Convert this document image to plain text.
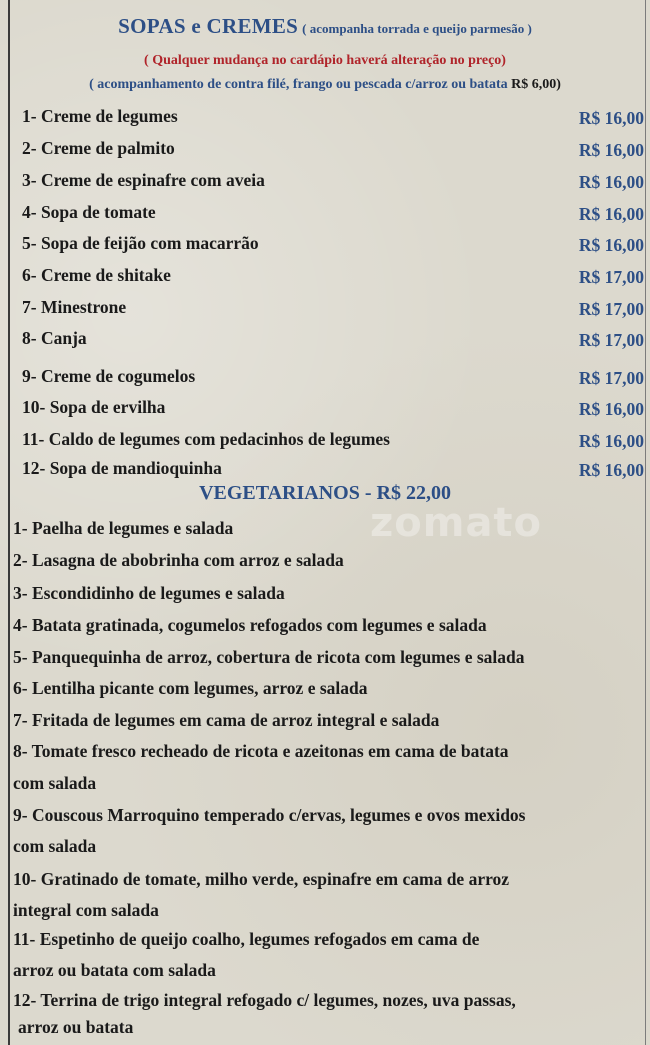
zomato
SOPAS e CREMES ( acompanha torrada e queijo parmesão )
( Qualquer mudança no cardápio haverá alteração no preço)
( acompanhamento de contra filé, frango ou pescada c/arroz ou batata R$ 6,00)
1- Creme de legumes	R$ 16,00
2- Creme de palmito	R$ 16,00
3- Creme de espinafre com aveia	R$ 16,00
4- Sopa de tomate	R$ 16,00
5- Sopa de feijão com macarrão	R$ 16,00
6- Creme de shitake	R$ 17,00
7- Minestrone	R$ 17,00
8- Canja	R$ 17,00
9- Creme de cogumelos	R$ 17,00
10- Sopa de ervilha	R$ 16,00
11- Caldo de legumes com pedacinhos de legumes	R$ 16,00
12- Sopa de mandioquinha	R$ 16,00
VEGETARIANOS - R$ 22,00
1- Paelha de legumes e salada
2- Lasagna de abobrinha com arroz e salada
3- Escondidinho de legumes e salada
4- Batata gratinada, cogumelos refogados com legumes e salada
5- Panquequinha de arroz, cobertura de ricota com legumes e salada
6- Lentilha picante com legumes, arroz e salada
7- Fritada de legumes em cama de arroz integral e salada
8- Tomate fresco recheado de ricota e azeitonas em cama de batata
com salada
9- Couscous Marroquino temperado c/ervas, legumes e ovos mexidos
com salada
10- Gratinado de tomate, milho verde, espinafre em cama de arroz
integral com salada
11- Espetinho de queijo coalho, legumes refogados em cama de
arroz ou batata com salada
12- Terrina de trigo integral refogado c/ legumes, nozes, uva passas,
arroz ou batata
